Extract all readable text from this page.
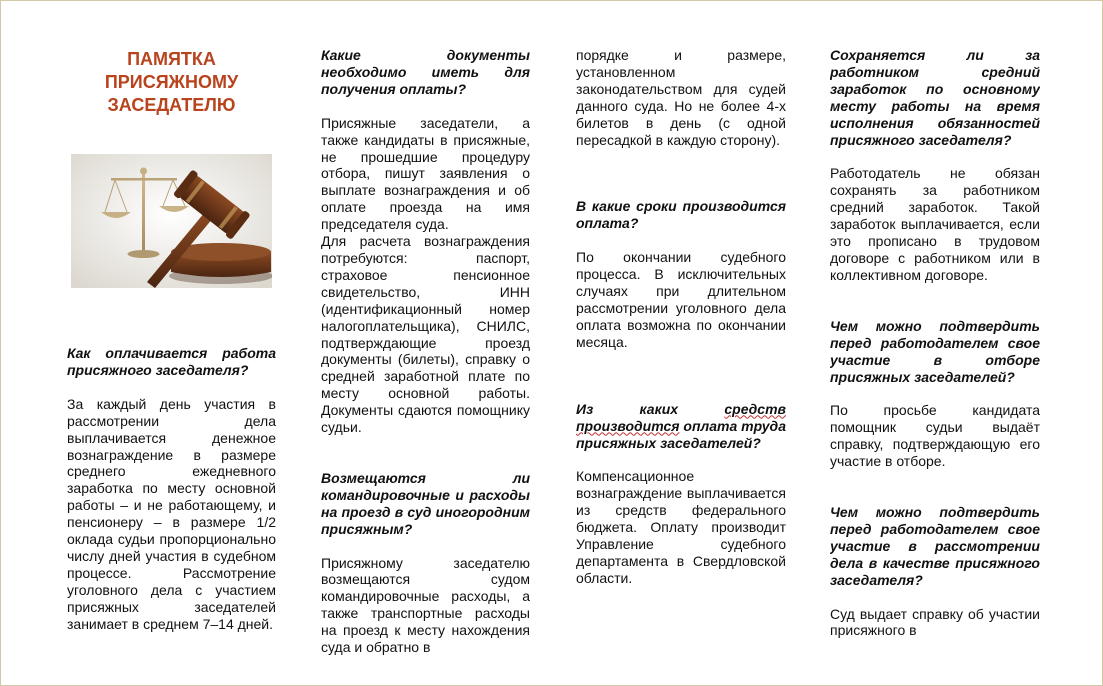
ПАМЯТКА ПРИСЯЖНОМУ ЗАСЕДАТЕЛЮ
Как оплачивается работа присяжного заседателя?

За каждый день участия в рассмотрении дела выплачивается денежное вознаграждение в размере среднего ежедневного заработка по месту основной работы – и не работающему, и пенсионеру – в размере 1/2 оклада судьи пропорционально числу дней участия в судебном процессе. Рассмотрение уголовного дела с участием присяжных заседателей занимает в среднем 7–14 дней.

Какие документы необходимо иметь для получения оплаты?

Присяжные заседатели, а также кандидаты в присяжные, не прошедшие процедуру отбора, пишут заявления о выплате вознаграждения и об оплате проезда на имя председателя суда.

Для расчета вознаграждения потребуются: паспорт, страховое пенсионное свидетельство, ИНН (идентификационный номер налогоплательщика), СНИЛС, подтверждающие проезд документы (билеты), справку о средней заработной плате по месту основной работы. Документы сдаются помощнику судьи.

Возмещаются ли командировочные и расходы на проезд в суд иногородним присяжным?

Присяжному заседателю возмещаются судом командировочные расходы, а также транспортные расходы на проезд к месту нахождения суда и обратно в

порядке и размере, установленном законодательством для судей данного суда. Но не более 4-х билетов в день (с одной пересадкой в каждую сторону).

В какие сроки производится оплата?

По окончании судебного процесса. В исключительных случаях при длительном рассмотрении уголовного дела оплата возможна по окончании месяца.

Из каких средств производится оплата труда присяжных заседателей?

Компенсационное вознаграждение выплачивается из средств федерального бюджета. Оплату производит Управление судебного департамента в Свердловской области.

Сохраняется ли за работником средний заработок по основному месту работы на время исполнения обязанностей присяжного заседателя?

Работодатель не обязан сохранять за работником средний заработок. Такой заработок выплачивается, если это прописано в трудовом договоре с работником или в коллективном договоре.

Чем можно подтвердить перед работодателем свое участие в отборе присяжных заседателей?

По просьбе кандидата помощник судьи выдаёт справку, подтверждающую его участие в отборе.

Чем можно подтвердить перед работодателем свое участие в рассмотрении дела в качестве присяжного заседателя?

Суд выдает справку об участии присяжного в
